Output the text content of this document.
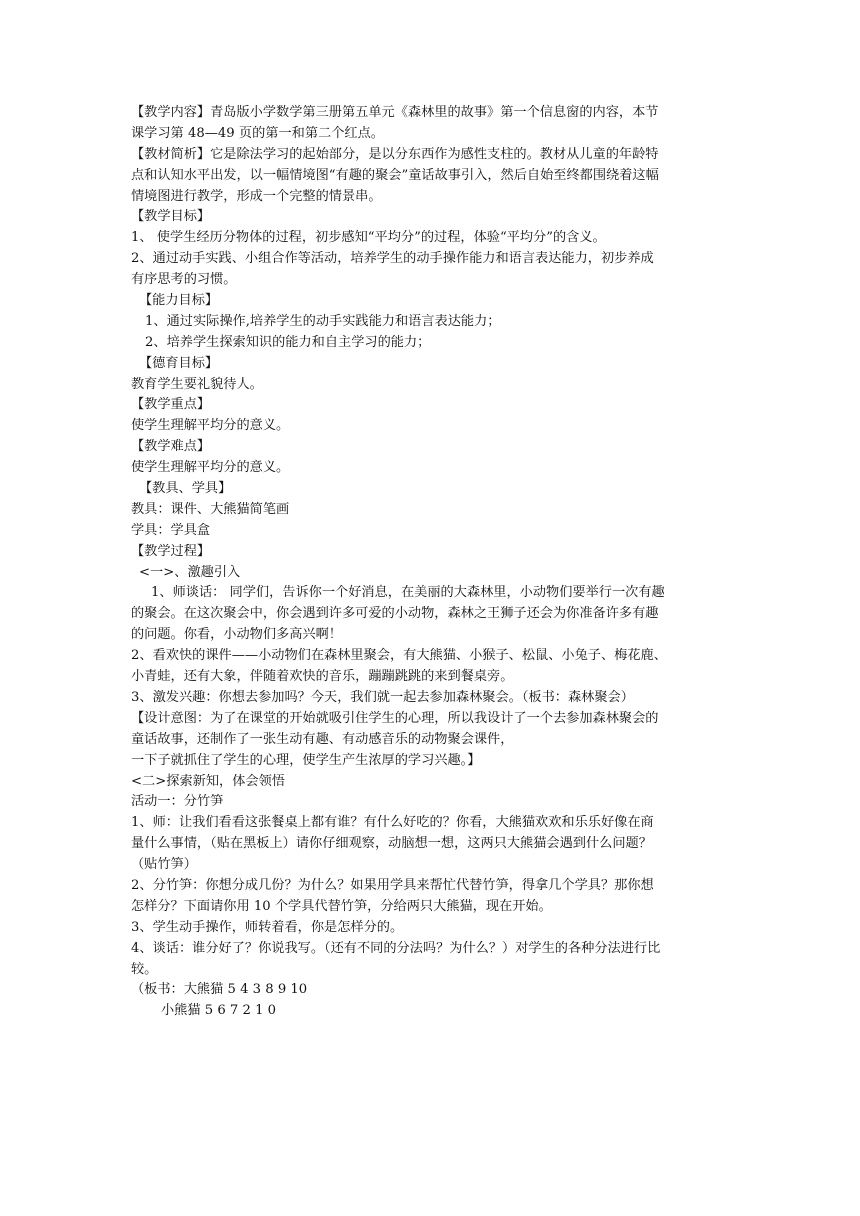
【教学内容】青岛版小学数学第三册第五单元《森林里的故事》第一个信息窗的内容，本节
课学习第 48—49 页的第一和第二个红点。
【教材简析】它是除法学习的起始部分，是以分东西作为感性支柱的。教材从儿童的年龄特
点和认知水平出发，以一幅情境图“有趣的聚会”童话故事引入，然后自始至终都围绕着这幅
情境图进行教学，形成一个完整的情景串。
【教学目标】
1、 使学生经历分物体的过程，初步感知“平均分”的过程，体验“平均分”的含义。
2、通过动手实践、小组合作等活动，培养学生的动手操作能力和语言表达能力，初步养成
有序思考的习惯。
【能力目标】
1、通过实际操作,培养学生的动手实践能力和语言表达能力；
2、培养学生探索知识的能力和自主学习的能力；
【德育目标】
教育学生要礼貌待人。
【教学重点】
使学生理解平均分的意义。
【教学难点】
使学生理解平均分的意义。
【教具、学具】
教具：课件、大熊猫简笔画
学具：学具盒
【教学过程】
<一>、激趣引入
1、师谈话： 同学们，告诉你一个好消息，在美丽的大森林里，小动物们要举行一次有趣
的聚会。在这次聚会中，你会遇到许多可爱的小动物，森林之王狮子还会为你准备许多有趣
的问题。你看，小动物们多高兴啊！
2、看欢快的课件——小动物们在森林里聚会，有大熊猫、小猴子、松鼠、小兔子、梅花鹿、
小青蛙，还有大象，伴随着欢快的音乐，蹦蹦跳跳的来到餐桌旁。
3、激发兴趣：你想去参加吗？今天，我们就一起去参加森林聚会。（板书：森林聚会）
【设计意图：为了在课堂的开始就吸引住学生的心理，所以我设计了一个去参加森林聚会的
童话故事，还制作了一张生动有趣、有动感音乐的动物聚会课件，
一下子就抓住了学生的心理，使学生产生浓厚的学习兴趣。】
<二>探索新知，体会领悟
活动一：分竹笋
1、师：让我们看看这张餐桌上都有谁？有什么好吃的？你看，大熊猫欢欢和乐乐好像在商
量什么事情，（贴在黑板上）请你仔细观察，动脑想一想，这两只大熊猫会遇到什么问题？
（贴竹笋）
2、分竹笋：你想分成几份？为什么？如果用学具来帮忙代替竹笋，得拿几个学具？那你想
怎样分？下面请你用 10 个学具代替竹笋，分给两只大熊猫，现在开始。
3、学生动手操作，师转着看，你是怎样分的。
4、谈话：谁分好了？你说我写。（还有不同的分法吗？为什么？）对学生的各种分法进行比
较。
（板书：大熊猫 5 4 3 8 9 10
小熊猫 5 6 7 2 1 0
